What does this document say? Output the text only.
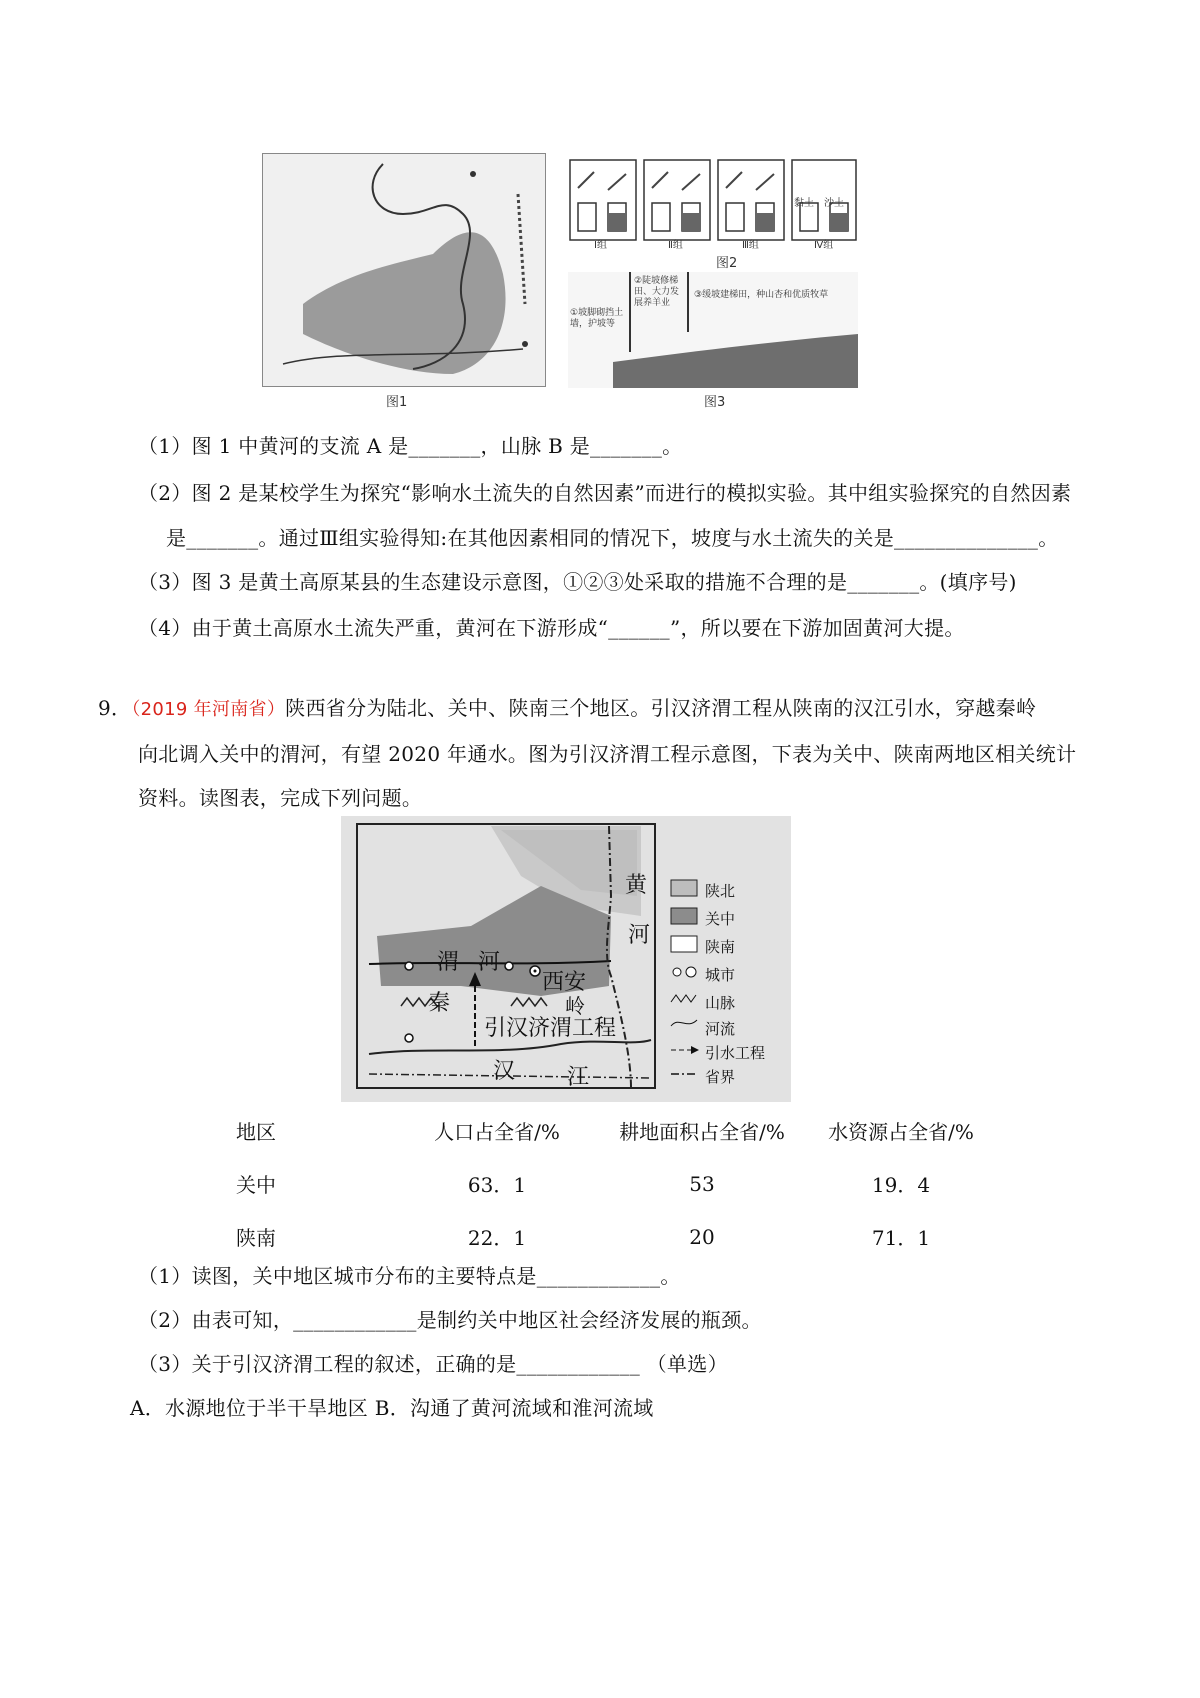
图1
Ⅰ组	Ⅱ组	Ⅲ组	Ⅳ组
黏土 沙土
图2
①坡脚砌挡土墙，护坡等
②陡坡修梯田、大力发展养羊业
③缓坡建梯田，种山杏和优质牧草
图3
（1）图 1 中黄河的支流 A 是_______，山脉 B 是_______。
（2）图 2 是某校学生为探究“影响水土流失的自然因素”而进行的模拟实验。其中组实验探究的自然因素
是_______。通过Ⅲ组实验得知:在其他因素相同的情况下，坡度与水土流失的关是______________。
（3）图 3 是黄土高原某县的生态建设示意图，①②③处采取的措施不合理的是_______。(填序号)
（4）由于黄土高原水土流失严重，黄河在下游形成“______”，所以要在下游加固黄河大提。
9．（2019 年河南省）陕西省分为陆北、关中、陕南三个地区。引汉济渭工程从陕南的汉江引水，穿越秦岭
向北调入关中的渭河，有望 2020 年通水。图为引汉济渭工程示意图，下表为关中、陕南两地区相关统计
资料。读图表，完成下列问题。
黄
河
渭 河
西安
秦	岭
引汉济渭工程
汉 江
陕北
关中
陕南
城市
山脉
河流
引水工程
省界
地区	人口占全省/%	耕地面积占全省/%	水资源占全省/%
关中	63．1	53	19．4
陕南	22．1	20	71．1
（1）读图，关中地区城市分布的主要特点是____________。
（2）由表可知，____________是制约关中地区社会经济发展的瓶颈。
（3）关于引汉济渭工程的叙述，正确的是____________ （单选）
A．水源地位于半干旱地区 B．沟通了黄河流域和淮河流域
